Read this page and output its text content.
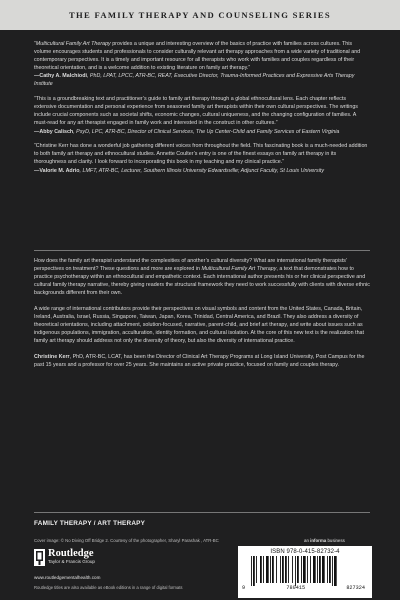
THE FAMILY THERAPY AND COUNSELING SERIES

“Multicultural Family Art Therapy provides a unique and interesting overview of the basics of practice with families across cultures. This volume encourages students and professionals to consider culturally relevant art therapy approaches from a wide variety of traditional and contemporary perspectives. It is a timely and important resource for all therapists who work with families and couples regardless of their theoretical orientation, and is a welcome addition to existing literature on family art therapy.”
—Cathy A. Malchiodi, PhD, LPAT, LPCC, ATR-BC, REAT, Executive Director, Trauma-Informed Practices and Expressive Arts Therapy Institute

“This is a groundbreaking text and practitioner’s guide to family art therapy through a global ethnocultural lens. Each chapter reflects extensive documentation and personal experience from seasoned family art therapists within their own cultural perspectives. The writings include crucial components such as societal shifts, economic changes, cultural uniqueness, and the changing configuration of families. A must-read for any art therapist engaged in family work and interested in the construct in other cultures.”
—Abby Calisch, PsyD, LPC, ATR-BC, Director of Clinical Services, The Up Center-Child and Family Services of Eastern Virginia

“Christine Kerr has done a wonderful job gathering different voices from throughout the field. This fascinating book is a much-needed addition to both family art therapy and ethnocultural studies. Annette Coulter’s entry is one of the finest essays on family art therapy in its thoroughness and clarity. I look forward to incorporating this book in my teaching and my clinical practice.”
—Valorie M. Adrio, LMFT, ATR-BC, Lecturer, Southern Illinois University Edwardsville; Adjunct Faculty, St Louis University

How does the family art therapist understand the complexities of another’s cultural diversity? What are international family therapists’ perspectives on treatment? These questions and more are explored in Multicultural Family Art Therapy, a text that demonstrates how to practice psychotherapy within an ethnocultural and empathetic context. Each international author presents his or her clinical perspective and cultural family therapy narrative, thereby giving readers the structural framework they need to work successfully with clients with diverse ethnic backgrounds different from their own.

A wide range of international contributors provide their perspectives on visual symbols and content from the United States, Canada, Britain, Ireland, Australia, Israel, Russia, Singapore, Taiwan, Japan, Korea, Trinidad, Central America, and Brazil. They also address a diversity of theoretical orientations, including attachment, solution-focused, narrative, parent-child, and brief art therapy, and write about issues such as indigenous populations, immigration, acculturation, identity formation, and cultural isolation. At the core of this new text is the realization that family art therapy should address not only the diversity of theory, but also the diversity of international practice.

Christine Kerr, PhD, ATR-BC, LCAT, has been the Director of Clinical Art Therapy Programs at Long Island University, Post Campus for the past 15 years and a professor for over 25 years. She maintains an active private practice, focused on family and couples therapy.

FAMILY THERAPY / ART THERAPY
Cover image: © No Diving Off Bridge 2. Courtesy of the photographer, Sharyl Parashak , ATR-BC
Routledge
Taylor & Francis Group
www.routledgementalhealth.com
Routledge titles are also available as eBook editions in a range of digital formats
an informa business
ISBN 978-0-415-82732-4
9	780415	827324
